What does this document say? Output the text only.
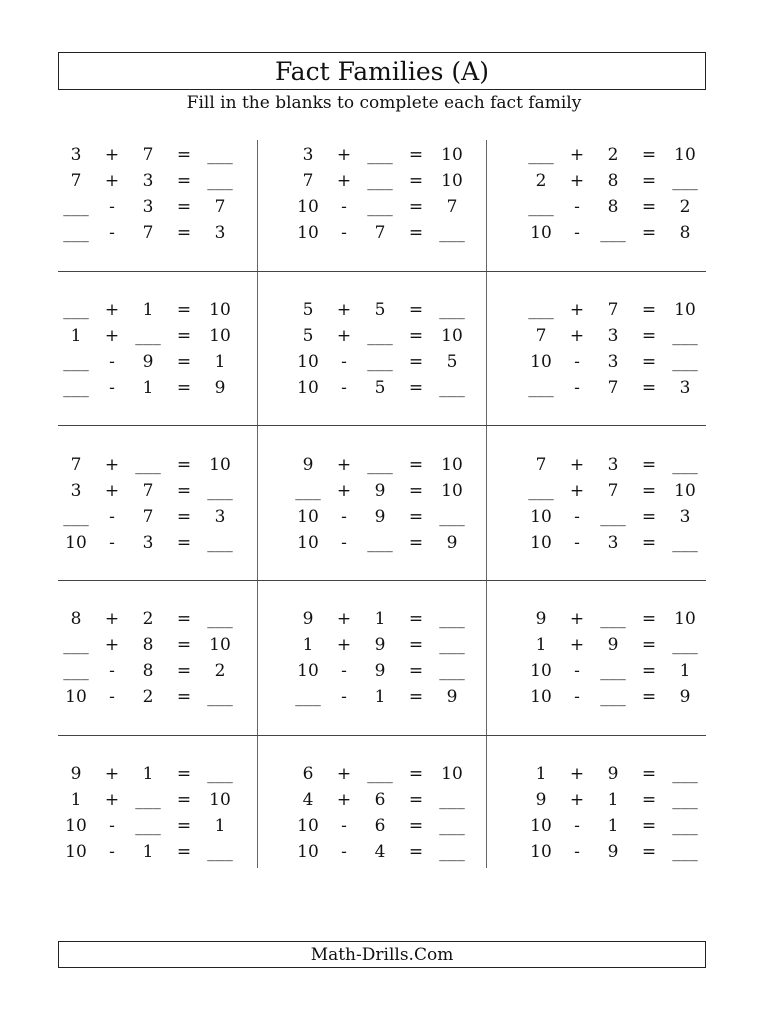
Fact Families (A)
Fill in the blanks to complete each fact family
3	+	7	= ___
7	+	3	= ___
___	-	3	=	7
___	-	7	=	3
3	+ ___ =	10
7	+ ___ =	10
10	-	___ =	7
10	-	7	= ___
___ +	2	=	10
2	+	8	= ___
___	-	8	=	2
10	-	___ =	8
___ +	1	=	10
1	+ ___ =	10
___	-	9	=	1
___	-	1	=	9
5	+	5	= ___
5	+ ___ =	10
10	-	___ =	5
10	-	5	= ___
___ +	7	=	10
7	+	3	= ___
10	-	3	= ___
___	-	7	=	3
7	+ ___ =	10
3	+	7	= ___
___	-	7	=	3
10	-	3	= ___
9	+ ___ =	10
___ +	9	=	10
10	-	9	= ___
10	-	___ =	9
7	+	3	= ___
___ +	7	=	10
10	-	___ =	3
10	-	3	= ___
8	+	2	= ___
___ +	8	=	10
___	-	8	=	2
10	-	2	= ___
9	+	1	= ___
1	+	9	= ___
10	-	9	= ___
___	-	1	=	9
9	+ ___ =	10
1	+	9	= ___
10	-	___ =	1
10	-	___ =	9
9	+	1	= ___
1	+ ___ =	10
10	-	___ =	1
10	-	1	= ___
6	+ ___ =	10
4	+	6	= ___
10	-	6	= ___
10	-	4	= ___
1	+	9	= ___
9	+	1	= ___
10	-	1	= ___
10	-	9	= ___
Math-Drills.Com
